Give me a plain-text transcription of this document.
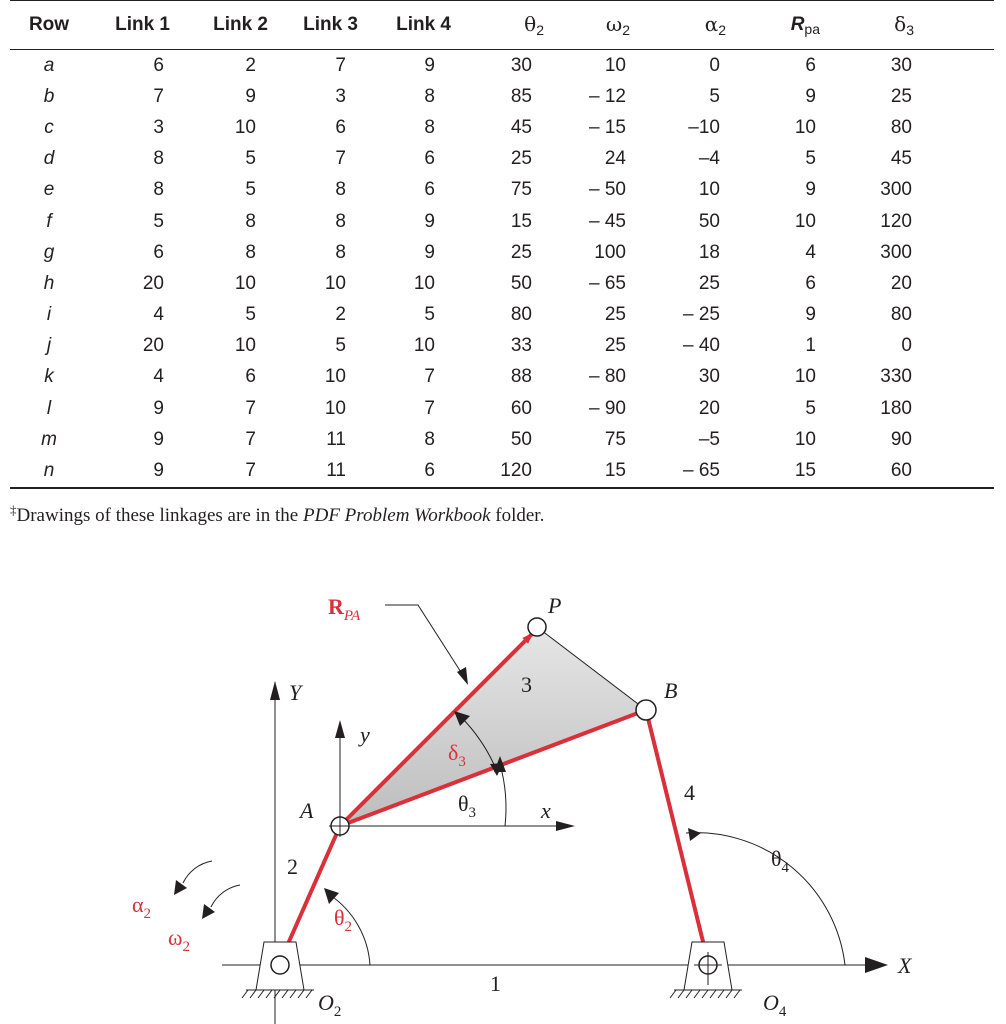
Row	Link 1	Link 2	Link 3	Link 4	$\theta_2$	$\omega_2$	$\alpha_2$	$R_{pa}$	$\delta_3$	
a	6	2	7	9	30	10	0	6	30	
b	7	9	3	8	85	– 12	5	9	25	
c	3	10	6	8	45	– 15	–10	10	80	
d	8	5	7	6	25	24	–4	5	45	
e	8	5	8	6	75	– 50	10	9	300	
f	5	8	8	9	15	– 45	50	10	120	
g	6	8	8	9	25	100	18	4	300	
h	20	10	10	10	50	– 65	25	6	20	
i	4	5	2	5	80	25	– 25	9	80	
j	20	10	5	10	33	25	– 40	1	0	
k	4	6	10	7	88	– 80	30	10	330	
l	9	7	10	7	60	– 90	20	5	180	
m	9	7	11	8	50	75	–5	10	90	
n	9	7	11	6	120	15	– 65	15	60	
‡Drawings of these linkages are in the PDF Problem Workbook folder.
$R_{PA}$	P
B
A
3
4
2
1
Y
y
x
X
$\delta_3$
$\theta_3$
$\theta_4$
$\theta_2$
$\alpha_2$
$\omega_2$
$O_2$	$O_4$
